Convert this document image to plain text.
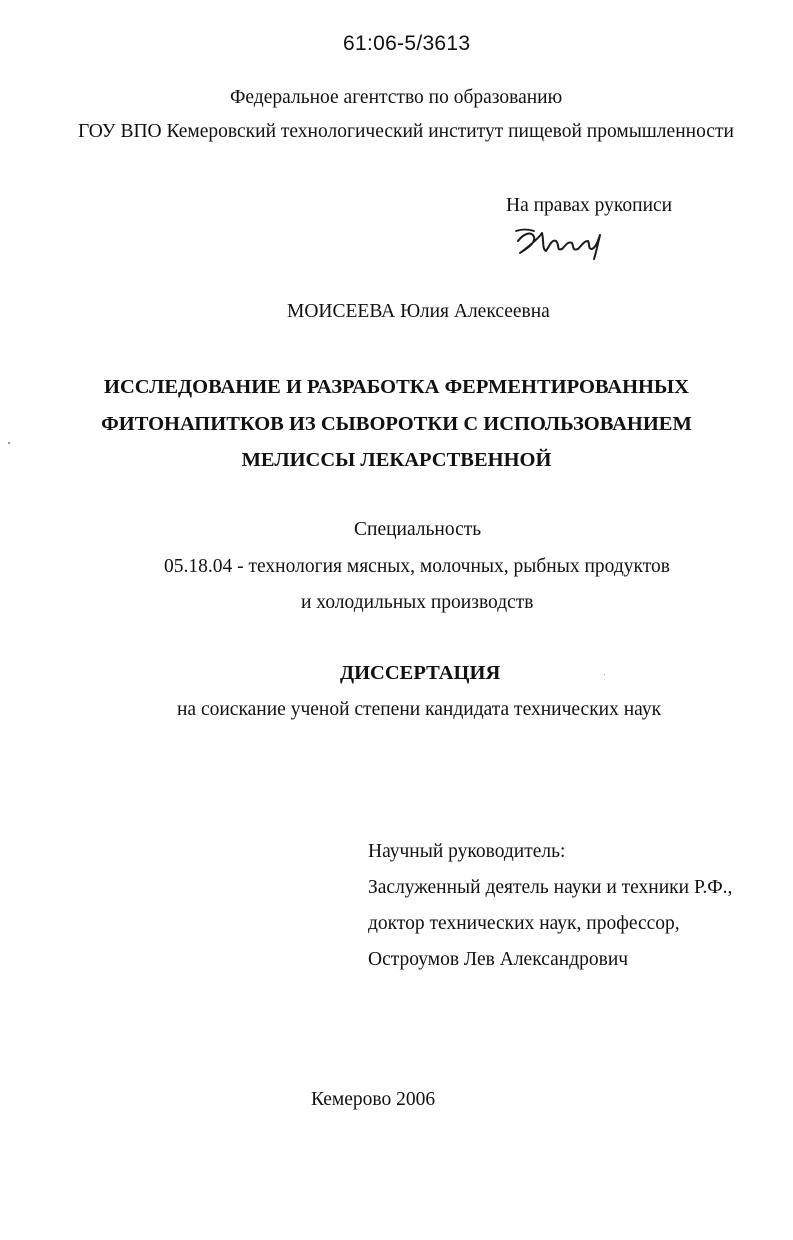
61:06-5/3613
Федеральное агентство по образованию
ГОУ ВПО Кемеровский технологический институт пищевой промышленности
На правах рукописи
МОИСЕЕВА Юлия Алексеевна
ИССЛЕДОВАНИЕ И РАЗРАБОТКА ФЕРМЕНТИРОВАННЫХ
ФИТОНАПИТКОВ ИЗ СЫВОРОТКИ С ИСПОЛЬЗОВАНИЕМ
МЕЛИССЫ ЛЕКАРСТВЕННОЙ
Специальность
05.18.04 - технология мясных, молочных, рыбных продуктов
и холодильных производств
ДИССЕРТАЦИЯ
на соискание ученой степени кандидата технических наук
Научный руководитель:
Заслуженный деятель науки и техники Р.Ф.,
доктор технических наук, профессор,
Остроумов Лев Александрович
Кемерово 2006
